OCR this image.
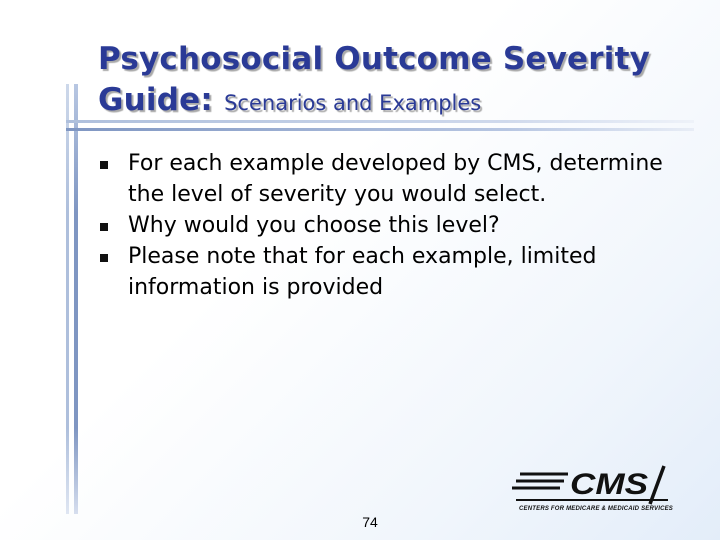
Psychosocial Outcome Severity
Guide: Scenarios and Examples
For each example developed by CMS, determine the level of severity you would select.
Why would you choose this level?
Please note that for each example, limited information is provided
CMS
CENTERS FOR MEDICARE & MEDICAID SERVICES
74
